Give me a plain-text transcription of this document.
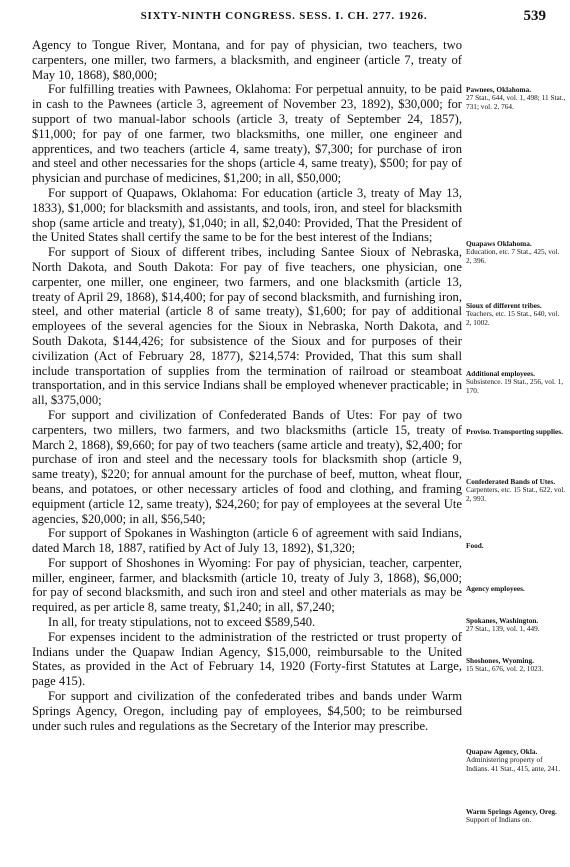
SIXTY-NINTH CONGRESS. SESS. I. CH. 277. 1926.	539

Agency to Tongue River, Montana, and for pay of physician, two teachers, two carpenters, one miller, two farmers, a blacksmith, and engineer (article 7, treaty of May 10, 1868), $80,000;

For fulfilling treaties with Pawnees, Oklahoma: For perpetual annuity, to be paid in cash to the Pawnees (article 3, agreement of November 23, 1892), $30,000; for support of two manual-labor schools (article 3, treaty of September 24, 1857), $11,000; for pay of one farmer, two blacksmiths, one miller, one engineer and apprentices, and two teachers (article 4, same treaty), $7,300; for purchase of iron and steel and other necessaries for the shops (article 4, same treaty), $500; for pay of physician and purchase of medicines, $1,200; in all, $50,000;

For support of Quapaws, Oklahoma: For education (article 3, treaty of May 13, 1833), $1,000; for blacksmith and assistants, and tools, iron, and steel for blacksmith shop (same article and treaty), $1,040; in all, $2,040: Provided, That the President of the United States shall certify the same to be for the best interest of the Indians;

For support of Sioux of different tribes, including Santee Sioux of Nebraska, North Dakota, and South Dakota: For pay of five teachers, one physician, one carpenter, one miller, one engineer, two farmers, and one blacksmith (article 13, treaty of April 29, 1868), $14,400; for pay of second blacksmith, and furnishing iron, steel, and other material (article 8 of same treaty), $1,600; for pay of additional employees of the several agencies for the Sioux in Nebraska, North Dakota, and South Dakota, $144,426; for subsistence of the Sioux and for purposes of their civilization (Act of February 28, 1877), $214,574: Provided, That this sum shall include transportation of supplies from the termination of railroad or steamboat transportation, and in this service Indians shall be employed whenever practicable; in all, $375,000;

For support and civilization of Confederated Bands of Utes: For pay of two carpenters, two millers, two farmers, and two blacksmiths (article 15, treaty of March 2, 1868), $9,660; for pay of two teachers (same article and treaty), $2,400; for purchase of iron and steel and the necessary tools for blacksmith shop (article 9, same treaty), $220; for annual amount for the purchase of beef, mutton, wheat flour, beans, and potatoes, or other necessary articles of food and clothing, and framing equipment (article 12, same treaty), $24,260; for pay of employees at the several Ute agencies, $20,000; in all, $56,540;

For support of Spokanes in Washington (article 6 of agreement with said Indians, dated March 18, 1887, ratified by Act of July 13, 1892), $1,320;

For support of Shoshones in Wyoming: For pay of physician, teacher, carpenter, miller, engineer, farmer, and blacksmith (article 10, treaty of July 3, 1868), $6,000; for pay of second blacksmith, and such iron and steel and other materials as may be required, as per article 8, same treaty, $1,240; in all, $7,240;

In all, for treaty stipulations, not to exceed $589,540.

For expenses incident to the administration of the restricted or trust property of Indians under the Quapaw Indian Agency, $15,000, reimbursable to the United States, as provided in the Act of February 14, 1920 (Forty-first Statutes at Large, page 415).

For support and civilization of the confederated tribes and bands under Warm Springs Agency, Oregon, including pay of employees, $4,500; to be reimbursed under such rules and regulations as the Secretary of the Interior may prescribe.

Pawnees, Oklahoma.
27 Stat., 644, vol. 1, 498; 11 Stat., 731; vol. 2, 764.
Quapaws Oklahoma.
Education, etc. 7 Stat., 425, vol. 2, 396.
Sioux of different tribes.
Teachers, etc. 15 Stat., 640, vol. 2, 1002.
Additional employees.
Subsistence. 19 Stat., 256, vol. 1, 170.
Proviso. Transporting supplies.
Confederated Bands of Utes.
Carpenters, etc. 15 Stat., 622, vol. 2, 993.
Food.
Agency employees.
Spokanes, Washington.
27 Stat., 139, vol. 1, 449.
Shoshones, Wyoming.
15 Stat., 676, vol. 2, 1023.
Quapaw Agency, Okla.
Administering property of Indians. 41 Stat., 415, ante, 241.
Warm Springs Agency, Oreg.
Support of Indians on.
